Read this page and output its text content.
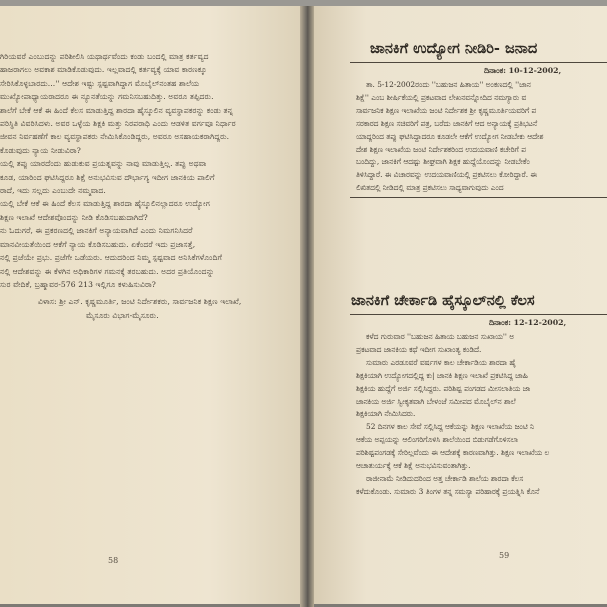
ಗಿರಿಯವರೆ ಎಂಬುದನ್ನು ಪರಿಶೀಲಿಸಿ ಯಥಾರ್ಥವೆಂದು ಕಂಡು ಬಂದಲ್ಲಿ ಮಾತ್ರ ಕರ್ತವ್ಯದ
ಹಾಜರಾಗಲು ಅವಕಾಶ ಮಾಡಿಕೊಡುವುದು. ಇಲ್ಲವಾದಲ್ಲಿ ಕರ್ತವ್ಯಕ್ಕೆ ಯಾವ ಕಾರಣಕ್ಕೂ
ಸೇರಿಸಿಕೊಳ್ಳಬಾರದು...'' ಆದೇಶ ಇಷ್ಟು ಸ್ಪಷ್ಟವಾಗಿದ್ದಾಗ ಮೊಬೈಲ್‌ನಂತಹ ಶಾಲೆಯ
ಮುಖ್ಯೋಪಾಧ್ಯಾಯರಾದರೂ ಈ ನ್ಯೂನತೆಯನ್ನು ಗಮನಿಸಬಹುದಿತ್ತು. ಅವರೂ ತಪ್ಪಿದರು.
ಶಾಲೆಗೆ ಬೇಕೆ ಆಕೆ ಈ ಹಿಂದೆ ಕೆಲಸ ಮಾಡುತ್ತಿದ್ದ ಶಾರದಾ ಹೈಸ್ಕೂಲಿನ ವ್ಯವಸ್ಥಾಪಕರನ್ನು ಕಂಡು ತನ್ನ
ಪರಿಸ್ಥಿತಿ ವಿವರಿಸಿದಳು. ಅವರ ಒಳ್ಳೆಯ ಶಿಕ್ಷಕಿ ಮತ್ತು ನಿರಪರಾಧಿ ಎಂದು ಆಡಳಿತ ವರ್ಗವೂ ನಿರ್ಧಾರ
ಜೀವನ ನಿರ್ವಹಣೆಗೆ ಕಾಲ ವ್ಯವಸ್ಥಾಪಕರು ನೇಮಿಸಿಕೊಂಡಿದ್ದರು, ಅವರೂ ಅಸಹಾಯಕರಾಗಿದ್ದರು.
ಕೊಡುವುದು ನ್ಯಾಯ ನೀಡುವಿರಾ?
ಯಲ್ಲಿ ತಪ್ಪು ಯಾರದೆಂದು ಹುಡುಕುವ ಪ್ರಯತ್ನವನ್ನು ನಾವು ಮಾಡುತ್ತಿಲ್ಲ. ತಪ್ಪು ಅಥವಾ
ಕೂಡ, ಯಾರಿಂದ ಘಟಿಸಿದ್ದರೂ ಶಿಕ್ಷೆ ಅನುಭವಿಸುವ ದೌರ್ಭಾಗ್ಯ ಇದೀಗ ಜಾನಕಿಯ ಪಾಲಿಗೆ
ರಾದೆ, ಇದು ಸಲ್ಲದು ಎಂಬುದೇ ನಮ್ಮವಾದ.
ಯಲ್ಲಿ ಬೇಕೆ ಆಕೆ ಈ ಹಿಂದೆ ಕೆಲಸ ಮಾಡುತ್ತಿದ್ದ ಶಾರದಾ ಹೈಸ್ಕೂಲಿನಲ್ಲಾದರೂ ಉದ್ಯೋಗ
ಶಿಕ್ಷಣ ಇಲಾಖೆ ಆದೇಶವೊಂದನ್ನು ನೀಡಿ ಕೊಡಿಸಬಹುದಾಗಿದೆ?
ನು ಓದುಗರೆ, ಈ ಪ್ರಕರಣದಲ್ಲಿ ಜಾನಕಿಗೆ ಅನ್ಯಾಯವಾಗಿದೆ ಎಂದು ನಿಮಗನಿಸಿದರೆ
ಮಾನವೀಯತೆಯಿಂದ ಆಕೆಗೆ ನ್ಯಾಯ ಕೊಡಿಸಬಹುದು. ಏಕೆಂದರೆ ಇದು ಪ್ರಜಾಸತ್ತೆ,
ನಲ್ಲಿ ಪ್ರಜೆಯೇ ಪ್ರಭು. ಪ್ರಜೆಗೇ ಒಡೆಯರು. ಆದುದರಿಂದ ನಿಮ್ಮ ಸ್ಪಷ್ಟವಾದ ಅನಿಸಿಕೆಗಳೊಂದಿಗೆ
ನಲ್ಲಿ ಆದೇಶವನ್ನು ಈ ಕೆಳಗಿನ ಅಧಿಕಾರಿಗಳ ಗಮನಕ್ಕೆ ತರಬಹುದು. ಅದರ ಪ್ರತಿಯೊಂದನ್ನು
ಸುರ ವೇದಿಕೆ, ಬ್ರಹ್ಮಾವರ-576 213 ಇಲ್ಲಿಗೂ ಕಳುಹಿಸುವಿರಾ?
ವಿಳಾಸ: ಶ್ರೀ ಎನ್. ಕೃಷ್ಣಮೂರ್ತಿ, ಜಂಟಿ ನಿರ್ದೇಶಕರು, ಸಾರ್ವಜನಿಕ ಶಿಕ್ಷಣ ಇಲಾಖೆ,
ಮೈಸೂರು ವಿಭಾಗ-ಮೈಸೂರು.
58
ಜಾನಕಿಗೆ ಉದ್ಯೋಗ ನೀಡಿರಿ- ಜನಾದ
ದಿನಾಂಕ: 10-12-2002,
ತಾ. 5-12-2002ರಂದು ''ಬಹುಜನ ಹಿತಾಯ'' ಅಂಕಣದಲ್ಲಿ ''ಜಾನ
ಶಿಕ್ಷೆ'' ಎಂಬ ಶೀರ್ಷಿಕೆಯಲ್ಲಿ ಪ್ರಕಟವಾದ ಲೇಖನವನ್ನೋದಿದ ನಮಗ್ಯಾರು ವ
ಸಾರ್ವಜನಿಕ ಶಿಕ್ಷಣ ಇಲಾಖೆಯ ಜಂಟಿ ನಿರ್ದೇಶಕ ಶ್ರೀ ಕೃಷ್ಣಮೂರ್ತಿಯವರಿಗೆ ಪ
ಸರಕಾರದ ಶಿಕ್ಷಣ ಸಚಿವರಿಗೆ ಪತ್ರ, ಬರೆದು ಜಾನಕಿಗೆ ಆದ ಅನ್ಯಾಯಕ್ಕೆ ಪ್ರತಿಭಟನೆ
ಯಾದ್ದರಿಂದ ತಪ್ಪು ಘಟಿಸಿದ್ದಾದರೂ ಕೂಡಲೇ ಆಕೆಗೆ ಉದ್ಯೋಗ ನೀಡಬೇಕು ಆದೇಶ
ದೇಶ ಶಿಕ್ಷಣ ಇಲಾಖೆಯ ಜಂಟಿ ನಿರ್ದೇಶಕರಿಂದ ಉದಯವಾಣಿ ಕಚೇರಿಗೆ ಪ
ಬಂದಿದ್ದು, ಜಾನಕಿಗೆ ಆದಷ್ಟು ಶೀಘ್ರವಾಗಿ ಶಿಕ್ಷಕ ಹುದ್ದೆಯೊಂದನ್ನು ನೀಡಬೇಕೆಂ
ತಿಳಿಸಿದ್ದಾರೆ. ಈ ವಿಚಾರವನ್ನು ಉದಯವಾಣಿಯಲ್ಲಿ ಪ್ರಕಟಿಸಲು ಕೋರಿದ್ದಾರೆ. ಈ
ಲಿಖಿತದಲ್ಲಿ ನೀಡಿದಲ್ಲಿ ಮಾತ್ರ ಪ್ರಕಟಿಸಲು ಸಾಧ್ಯವಾಗುವುದು ಎಂದ
ಜಾನಕಿಗೆ ಚೇರ್ಕಾಡಿ ಹೈಸ್ಕೂಲ್‌ನಲ್ಲಿ ಕೆಲಸ
ದಿನಾಂಕ: 12-12-2002,
ಕಳೆದ ಗುರುವಾರ ''ಬಹುಜನ ಹಿತಾಯ ಬಹುಜನ ಸುಖಾಯ'' ಅ
ಪ್ರಕಟವಾದ ಜಾನಕಿಯ ಕಥೆ ಇದೀಗ ಸುಖಾಂತ್ಯ ಕಂಡಿದೆ.
ಸುಮಾರು ಎರಡೂವರೆ ವರ್ಷಗಳ ಕಾಲ ಚೇರ್ಕಾಡಿಯ ಶಾರದಾ ಹೈ
ಶಿಕ್ಷಕಿಯಾಗಿ ಉದ್ಯೋಗದಲ್ಲಿದ್ದ ಕು| ಜಾನಕಿ ಶಿಕ್ಷಣ ಇಲಾಖೆ ಪ್ರಕಟಿಸಿದ್ದ ಜಾಹಿ
ಶಿಕ್ಷಕಿಯ ಹುದ್ದೆಗೆ ಅರ್ಜಿ ಸಲ್ಲಿಸಿದ್ದರು. ಪರಿಶಿಷ್ಟ ಪಂಗಡದ ಮೀಸಲಾತಿಯ ಜಾ
ಜಾನಕಿಯ ಅರ್ಜಿ ಸ್ವೀಕೃತವಾಗಿ ಬೇಳಂಜೆ ಸಮೀಪದ ಮೊಬೈಲ್‌ನ ಶಾಲೆ
ಶಿಕ್ಷಕಿಯಾಗಿ ನೇಮಿಸಿದರು.
52 ದಿನಗಳ ಕಾಲ ಸೇವೆ ಸಲ್ಲಿಸಿದ್ದ ಆಕೆಯನ್ನು ಶಿಕ್ಷಣ ಇಲಾಖೆಯ ಜಂಟಿ ನಿ
ಆಕೆಯ ಅಪ್ಪಯನ್ನು ಆಲಿಂಗರಿಗೊಳಿಸಿ ಶಾಲೆಯಿಂದ ಬಿಡುಗಡೆಗೊಳಿಸಲಾ
ಪರಿಶಿಷ್ಟಪಂಗಡಕ್ಕೆ ಸೇರಿಲ್ಲವೆಂದು ಈ ಆದೇಶಕ್ಕೆ ಕಾರಣವಾಗಿತ್ತು. ಶಿಕ್ಷಣ ಇಲಾಖೆಯ ಲ
ಆಚಾತುರ್ಯಕ್ಕೆ ಆಕೆ ಶಿಕ್ಷೆ ಅನುಭವಿಸುವಂತಾಗಿತ್ತು.
ರಾಜೀನಾಮೆ ನೀಡಿದುದರಿಂದ ಅತ್ತ ಚೇರ್ಕಾಡಿ ಶಾಲೆಯ ಶಾರದಾ ಕೆಲಸ
ಕಳೆದುಕೊಂಡು. ಸುಮಾರು 3 ತಿಂಗಳ ತನ್ನ ಸಮಸ್ಯಾ ಪರಿಹಾರಕ್ಕೆ ಪ್ರಯತ್ನಿಸಿ ಕೊನೆ
59
